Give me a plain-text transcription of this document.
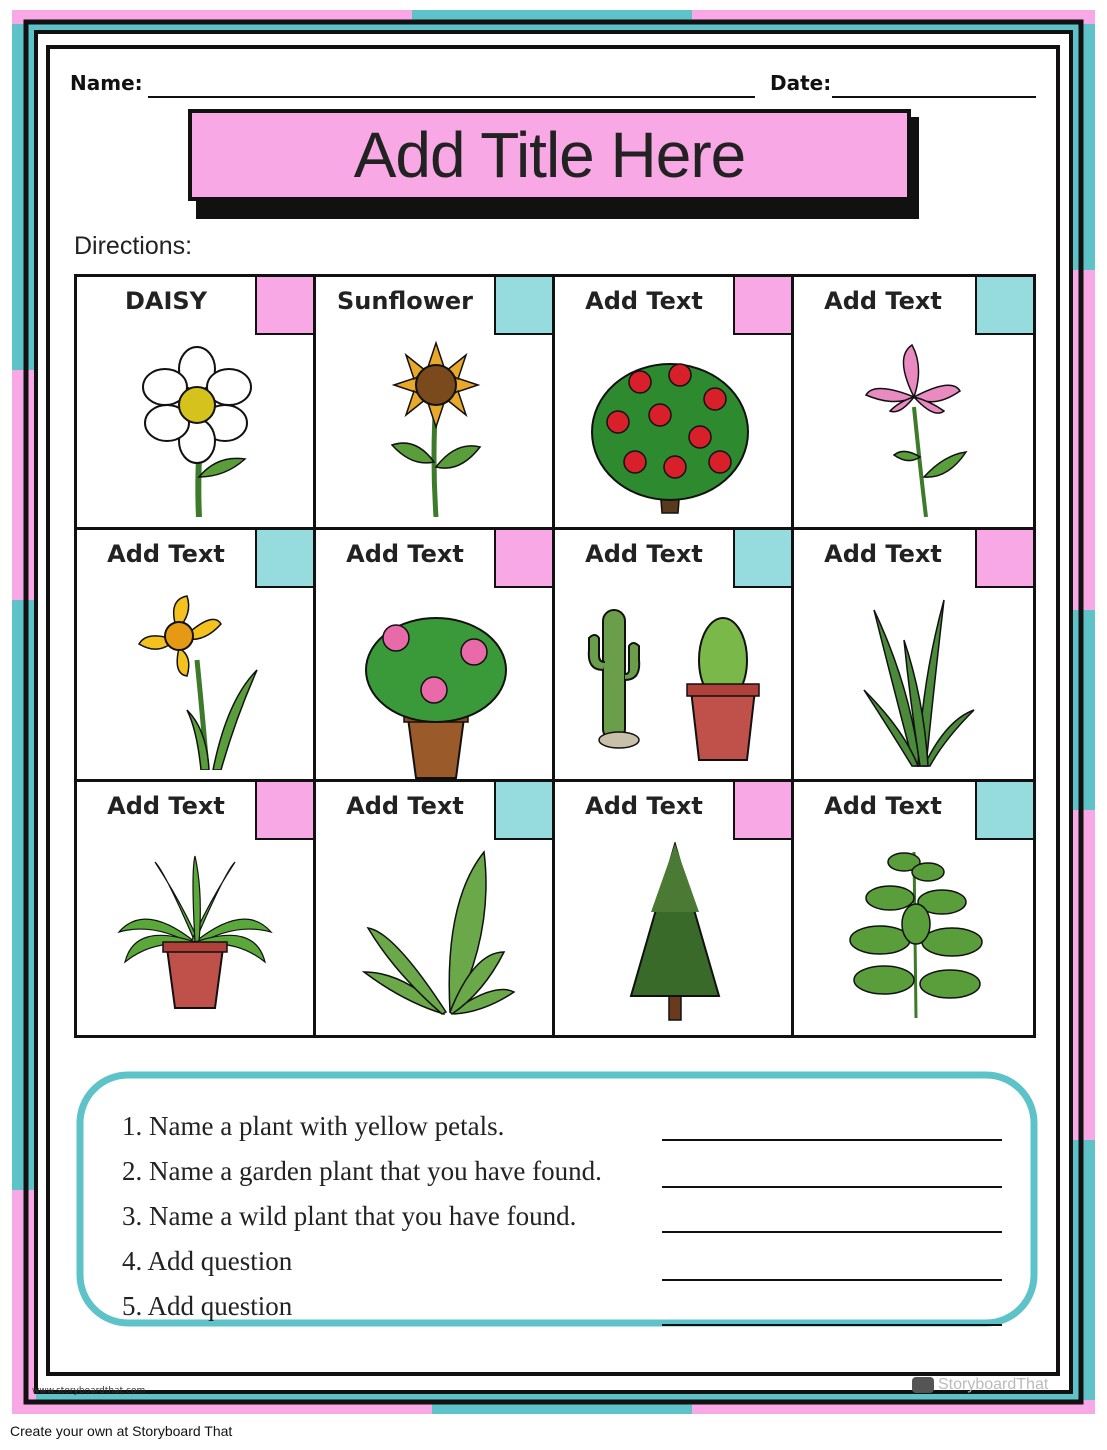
Name:	Date:
Add Title Here
Directions:
DAISY	Sunflower	Add Text	Add Text
Add Text	Add Text	Add Text	Add Text
Add Text	Add Text	Add Text	Add Text
1. Name a plant with yellow petals.
2. Name a garden plant that you have found.
3. Name a wild plant that you have found.
4. Add question
5. Add question
www.storyboardthat.com	StoryboardThat
Create your own at Storyboard That
